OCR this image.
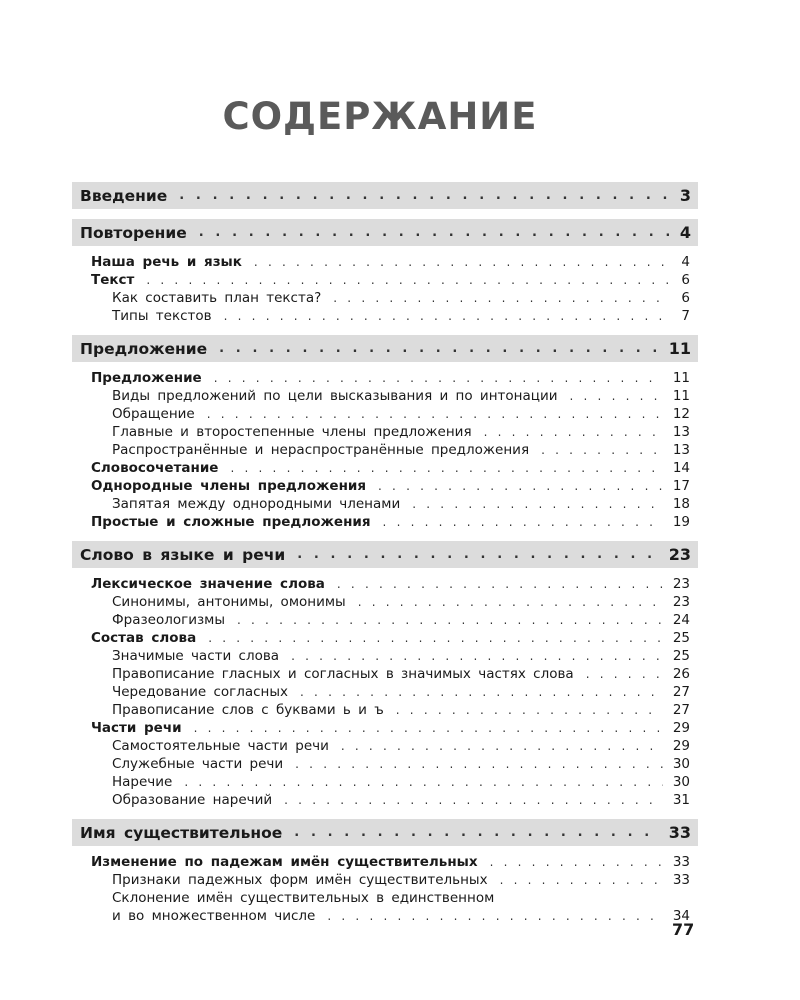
СОДЕРЖАНИЕ
Введение . . .	3
Повторение . . .	4
Наша речь и язык . . .	4
Текст . . .	6
Как составить план текста? . . .	6
Типы текстов . . .	7
Предложение . . .	11
Предложение . . .	11
Виды предложений по цели высказывания и по интонации . . .	11
Обращение . . .	12
Главные и второстепенные члены предложения . . .	13
Распространённые и нераспространённые предложения . . .	13
Словосочетание . . .	14
Однородные члены предложения . . .	17
Запятая между однородными членами . . .	18
Простые и сложные предложения . . .	19
Слово в языке и речи . . .	23
Лексическое значение слова . . .	23
Синонимы, антонимы, омонимы . . .	23
Фразеологизмы . . .	24
Состав слова . . .	25
Значимые части слова . . .	25
Правописание гласных и согласных в значимых частях слова . . .	26
Чередование согласных . . .	27
Правописание слов с буквами ь и ъ . . .	27
Части речи . . .	29
Самостоятельные части речи . . .	29
Служебные части речи . . .	30
Наречие . . .	30
Образование наречий . . .	31
Имя существительное . . .	33
Изменение по падежам имён существительных . . .	33
Признаки падежных форм имён существительных . . .	33
Склонение имён существительных в единственном
и во множественном числе . . .	34
77
